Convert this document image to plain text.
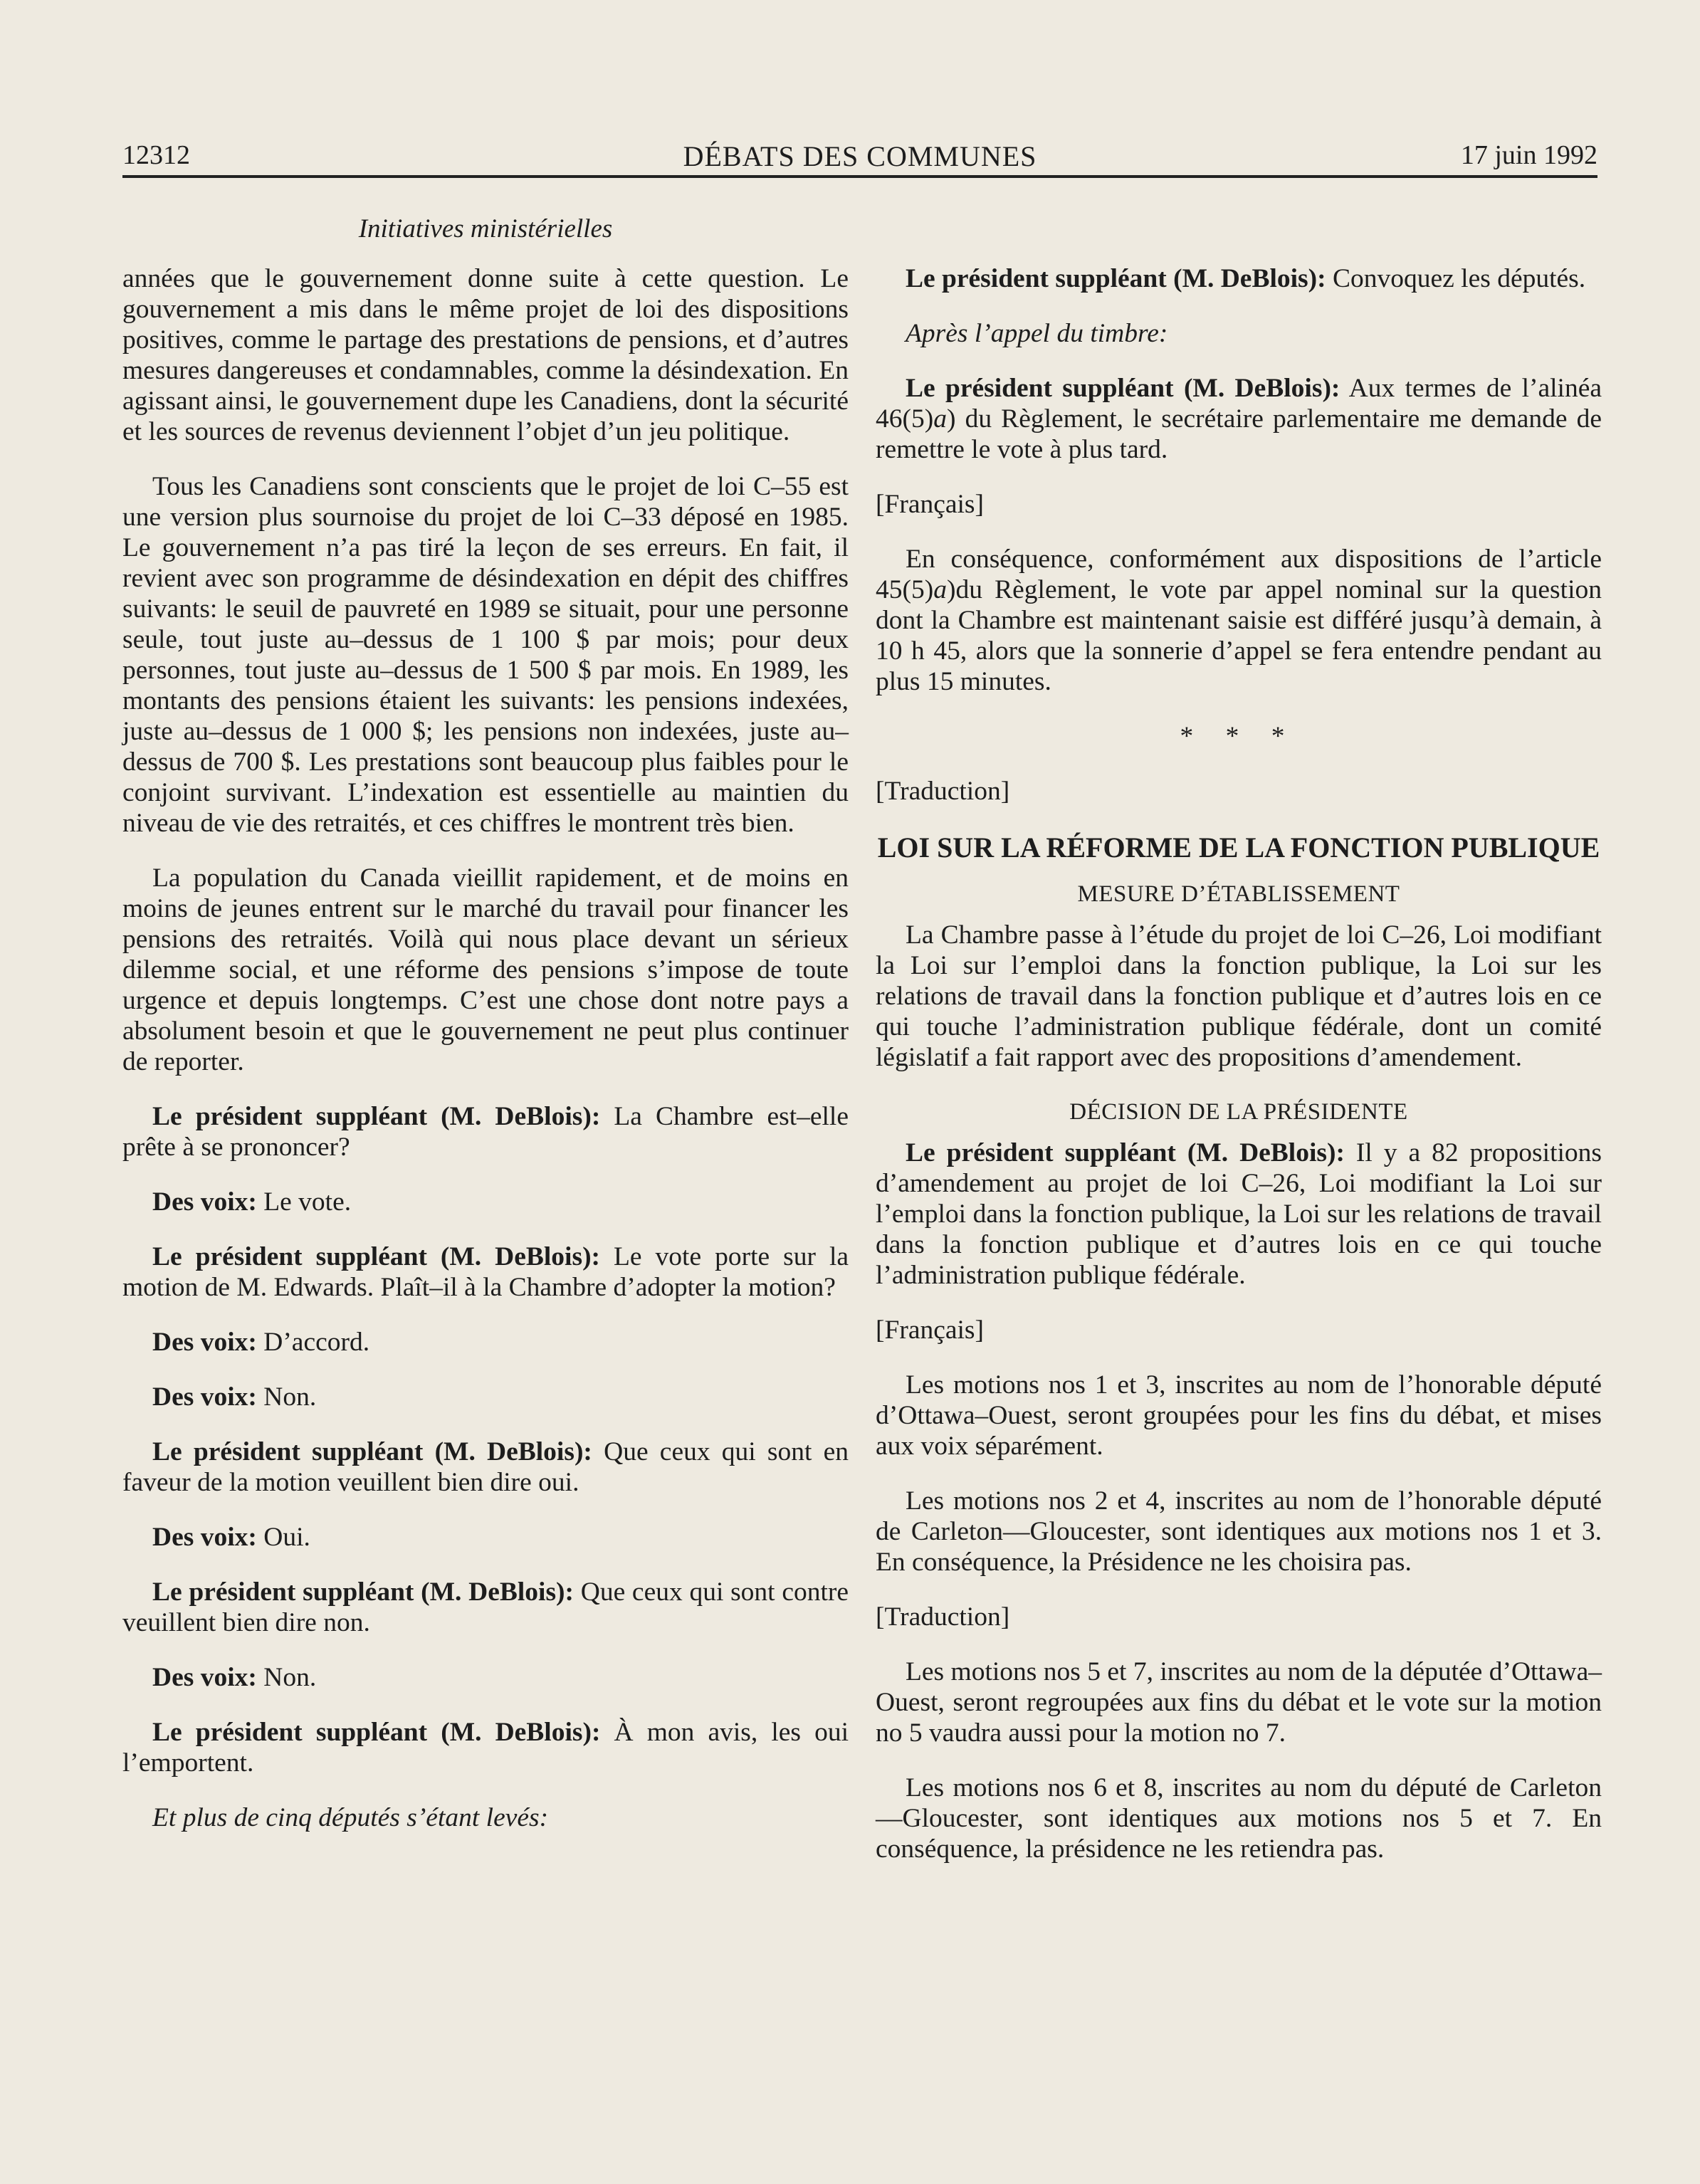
12312	DÉBATS DES COMMUNES	17 juin 1992
Initiatives ministérielles

années que le gouvernement donne suite à cette question. Le gouvernement a mis dans le même projet de loi des dispositions positives, comme le partage des prestations de pensions, et d’autres mesures dangereuses et condamnables, comme la désindexation. En agissant ainsi, le gouvernement dupe les Canadiens, dont la sécurité et les sources de revenus deviennent l’objet d’un jeu politique.

Tous les Canadiens sont conscients que le projet de loi C–55 est une version plus sournoise du projet de loi C–33 déposé en 1985. Le gouvernement n’a pas tiré la leçon de ses erreurs. En fait, il revient avec son programme de désindexation en dépit des chiffres suivants: le seuil de pauvreté en 1989 se situait, pour une personne seule, tout juste au–dessus de 1 100 $ par mois; pour deux personnes, tout juste au–dessus de 1 500 $ par mois. En 1989, les montants des pensions étaient les suivants: les pensions indexées, juste au–dessus de 1 000 $; les pensions non indexées, juste au–dessus de 700 $. Les prestations sont beaucoup plus faibles pour le conjoint survivant. L’indexation est essentielle au maintien du niveau de vie des retraités, et ces chiffres le montrent très bien.

La population du Canada vieillit rapidement, et de moins en moins de jeunes entrent sur le marché du travail pour financer les pensions des retraités. Voilà qui nous place devant un sérieux dilemme social, et une réforme des pensions s’impose de toute urgence et depuis longtemps. C’est une chose dont notre pays a absolument besoin et que le gouvernement ne peut plus continuer de reporter.

Le président suppléant (M. DeBlois): La Chambre est–elle prête à se prononcer?

Des voix: Le vote.

Le président suppléant (M. DeBlois): Le vote porte sur la motion de M. Edwards. Plaît–il à la Chambre d’adopter la motion?

Des voix: D’accord.

Des voix: Non.

Le président suppléant (M. DeBlois): Que ceux qui sont en faveur de la motion veuillent bien dire oui.

Des voix: Oui.

Le président suppléant (M. DeBlois): Que ceux qui sont contre veuillent bien dire non.

Des voix: Non.

Le président suppléant (M. DeBlois): À mon avis, les oui l’emportent.

Et plus de cinq députés s’étant levés:

Le président suppléant (M. DeBlois): Convoquez les députés.

Après l’appel du timbre:

Le président suppléant (M. DeBlois): Aux termes de l’alinéa 46(5)a) du Règlement, le secrétaire parlementaire me demande de remettre le vote à plus tard.

[Français]

En conséquence, conformément aux dispositions de l’article 45(5)a)du Règlement, le vote par appel nominal sur la question dont la Chambre est maintenant saisie est différé jusqu’à demain, à 10 h 45, alors que la sonnerie d’appel se fera entendre pendant au plus 15 minutes.

* * *

[Traduction]

LOI SUR LA RÉFORME DE LA FONCTION PUBLIQUE
MESURE D’ÉTABLISSEMENT

La Chambre passe à l’étude du projet de loi C–26, Loi modifiant la Loi sur l’emploi dans la fonction publique, la Loi sur les relations de travail dans la fonction publique et d’autres lois en ce qui touche l’administration publique fédérale, dont un comité législatif a fait rapport avec des propositions d’amendement.

DÉCISION DE LA PRÉSIDENTE

Le président suppléant (M. DeBlois): Il y a 82 propositions d’amendement au projet de loi C–26, Loi modifiant la Loi sur l’emploi dans la fonction publique, la Loi sur les relations de travail dans la fonction publique et d’autres lois en ce qui touche l’administration publique fédérale.

[Français]

Les motions nos 1 et 3, inscrites au nom de l’honorable député d’Ottawa–Ouest, seront groupées pour les fins du débat, et mises aux voix séparément.

Les motions nos 2 et 4, inscrites au nom de l’honorable député de Carleton—Gloucester, sont identiques aux motions nos 1 et 3. En conséquence, la Présidence ne les choisira pas.

[Traduction]

Les motions nos 5 et 7, inscrites au nom de la députée d’Ottawa–Ouest, seront regroupées aux fins du débat et le vote sur la motion no 5 vaudra aussi pour la motion no 7.

Les motions nos 6 et 8, inscrites au nom du député de Carleton—Gloucester, sont identiques aux motions nos 5 et 7. En conséquence, la présidence ne les retiendra pas.
